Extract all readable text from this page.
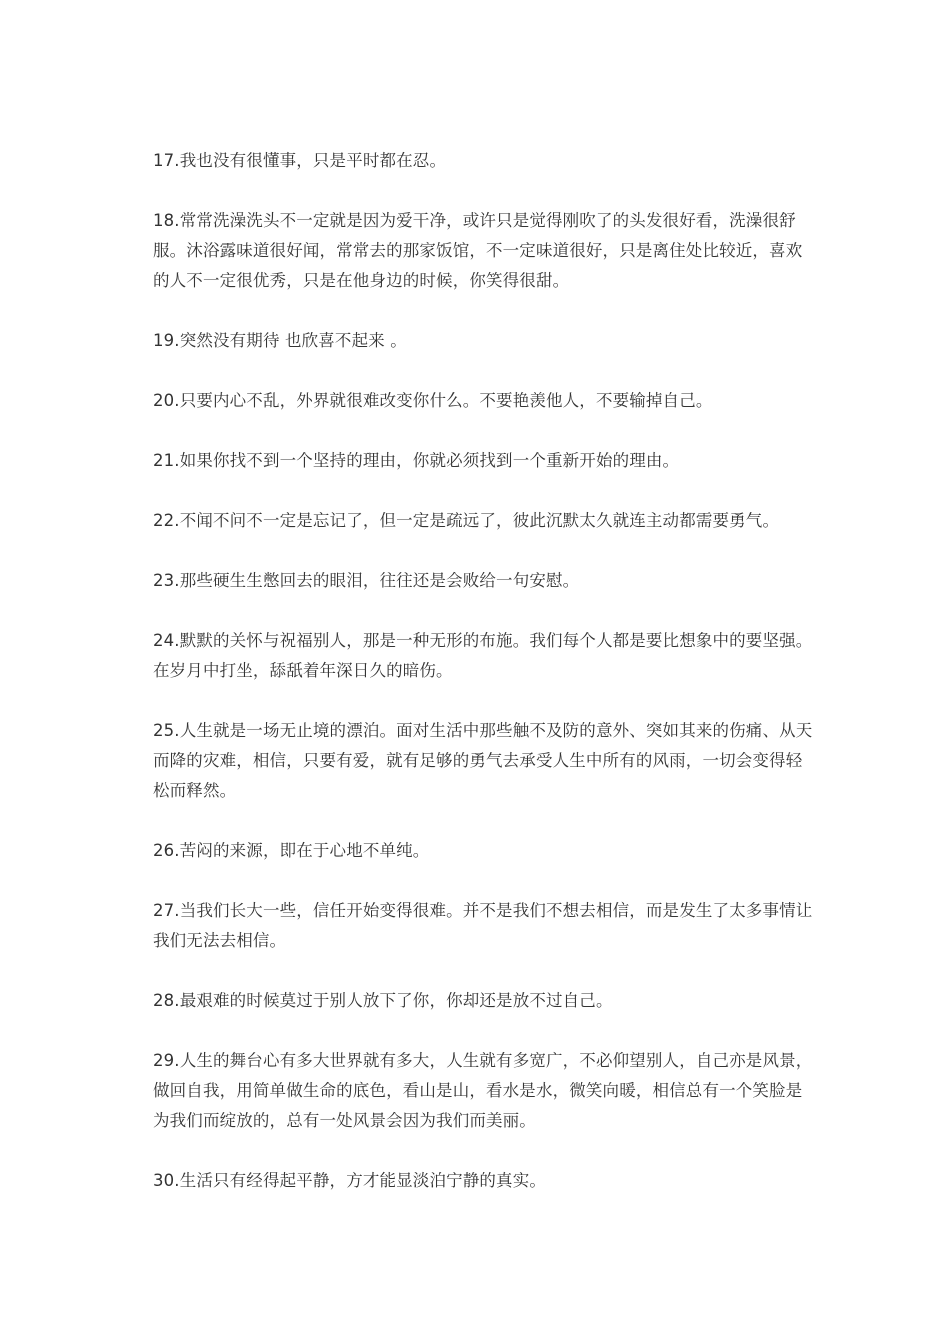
17.我也没有很懂事，只是平时都在忍。

18.常常洗澡洗头不一定就是因为爱干净，或许只是觉得刚吹了的头发很好看，洗澡很舒服。沐浴露味道很好闻，常常去的那家饭馆，不一定味道很好，只是离住处比较近，喜欢的人不一定很优秀，只是在他身边的时候，你笑得很甜。

19.突然没有期待 也欣喜不起来 。

20.只要内心不乱，外界就很难改变你什么。不要艳羡他人，不要输掉自己。

21.如果你找不到一个坚持的理由，你就必须找到一个重新开始的理由。

22.不闻不问不一定是忘记了，但一定是疏远了，彼此沉默太久就连主动都需要勇气。

23.那些硬生生憋回去的眼泪，往往还是会败给一句安慰。

24.默默的关怀与祝福别人，那是一种无形的布施。我们每个人都是要比想象中的要坚强。在岁月中打坐，舔舐着年深日久的暗伤。

25.人生就是一场无止境的漂泊。面对生活中那些触不及防的意外、突如其来的伤痛、从天而降的灾难，相信，只要有爱，就有足够的勇气去承受人生中所有的风雨，一切会变得轻松而释然。

26.苦闷的来源，即在于心地不单纯。

27.当我们长大一些，信任开始变得很难。并不是我们不想去相信，而是发生了太多事情让我们无法去相信。

28.最艰难的时候莫过于别人放下了你，你却还是放不过自己。

29.人生的舞台心有多大世界就有多大，人生就有多宽广，不必仰望别人，自己亦是风景，做回自我，用简单做生命的底色，看山是山，看水是水，微笑向暖，相信总有一个笑脸是为我们而绽放的，总有一处风景会因为我们而美丽。

30.生活只有经得起平静，方才能显淡泊宁静的真实。
